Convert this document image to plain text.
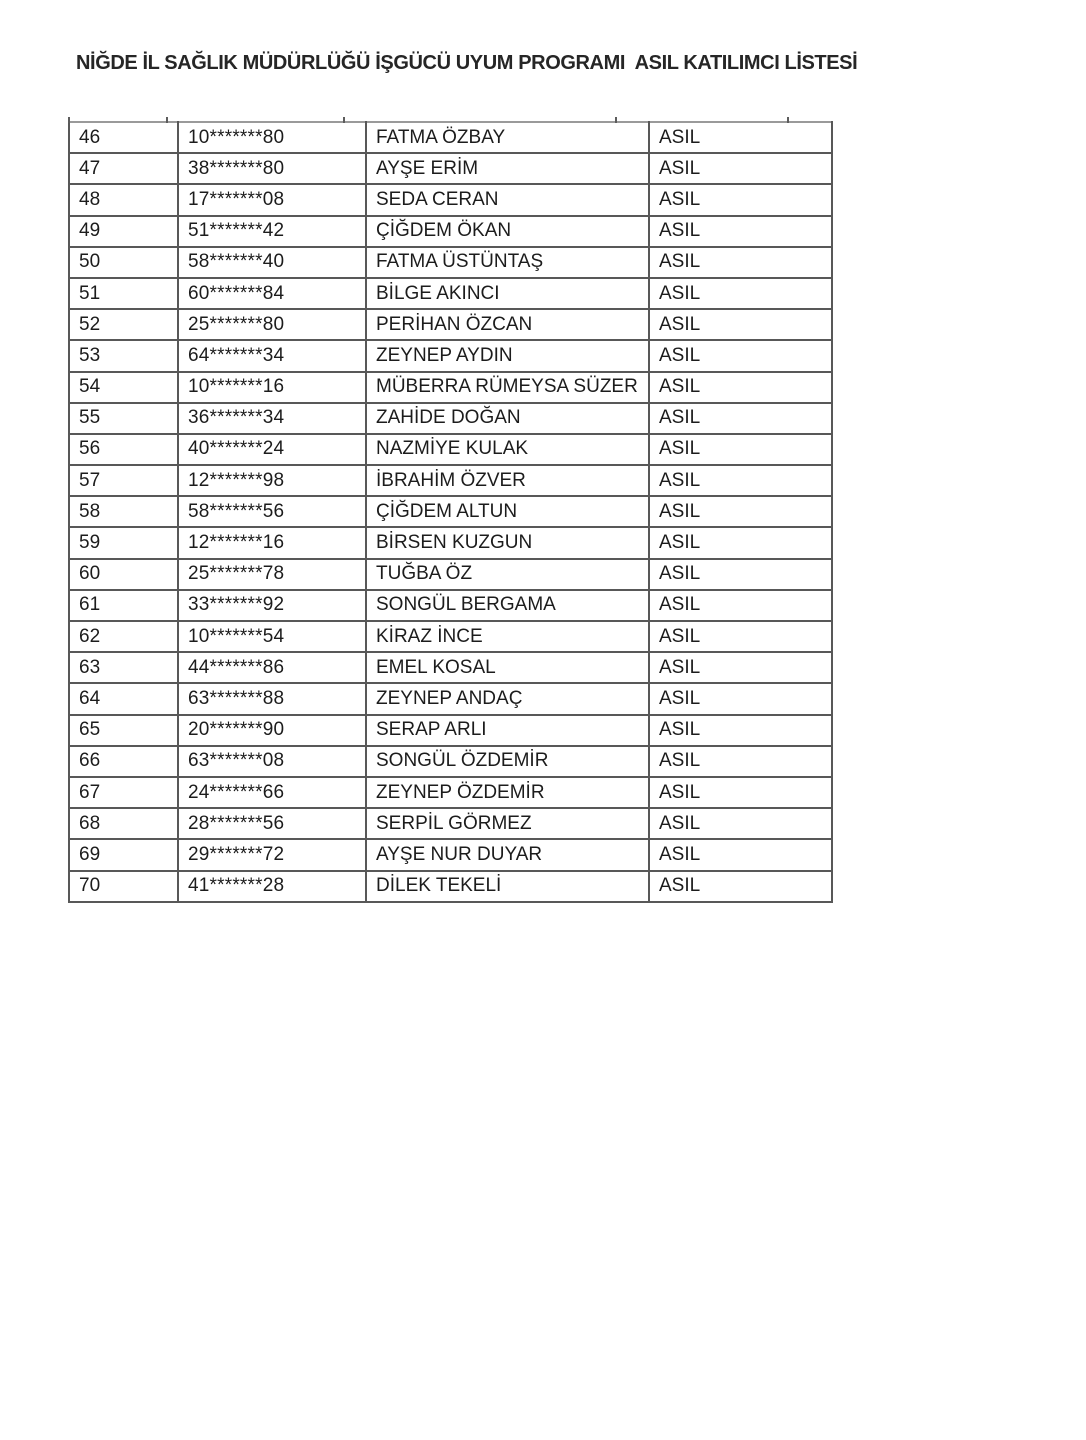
NİĞDE İL SAĞLIK MÜDÜRLÜĞÜ İŞGÜCÜ UYUM PROGRAMI  ASIL KATILIMCI LİSTESİ
46	10*******80	FATMA ÖZBAY	ASIL
47	38*******80	AYŞE ERİM	ASIL
48	17*******08	SEDA CERAN	ASIL
49	51*******42	ÇİĞDEM ÖKAN	ASIL
50	58*******40	FATMA ÜSTÜNTAŞ	ASIL
51	60*******84	BİLGE AKINCI	ASIL
52	25*******80	PERİHAN ÖZCAN	ASIL
53	64*******34	ZEYNEP AYDIN	ASIL
54	10*******16	MÜBERRA RÜMEYSA SÜZER	ASIL
55	36*******34	ZAHİDE DOĞAN	ASIL
56	40*******24	NAZMİYE KULAK	ASIL
57	12*******98	İBRAHİM ÖZVER	ASIL
58	58*******56	ÇİĞDEM ALTUN	ASIL
59	12*******16	BİRSEN KUZGUN	ASIL
60	25*******78	TUĞBA ÖZ	ASIL
61	33*******92	SONGÜL BERGAMA	ASIL
62	10*******54	KİRAZ İNCE	ASIL
63	44*******86	EMEL KOSAL	ASIL
64	63*******88	ZEYNEP ANDAÇ	ASIL
65	20*******90	SERAP ARLI	ASIL
66	63*******08	SONGÜL ÖZDEMİR	ASIL
67	24*******66	ZEYNEP ÖZDEMİR	ASIL
68	28*******56	SERPİL GÖRMEZ	ASIL
69	29*******72	AYŞE NUR DUYAR	ASIL
70	41*******28	DİLEK TEKELİ	ASIL
